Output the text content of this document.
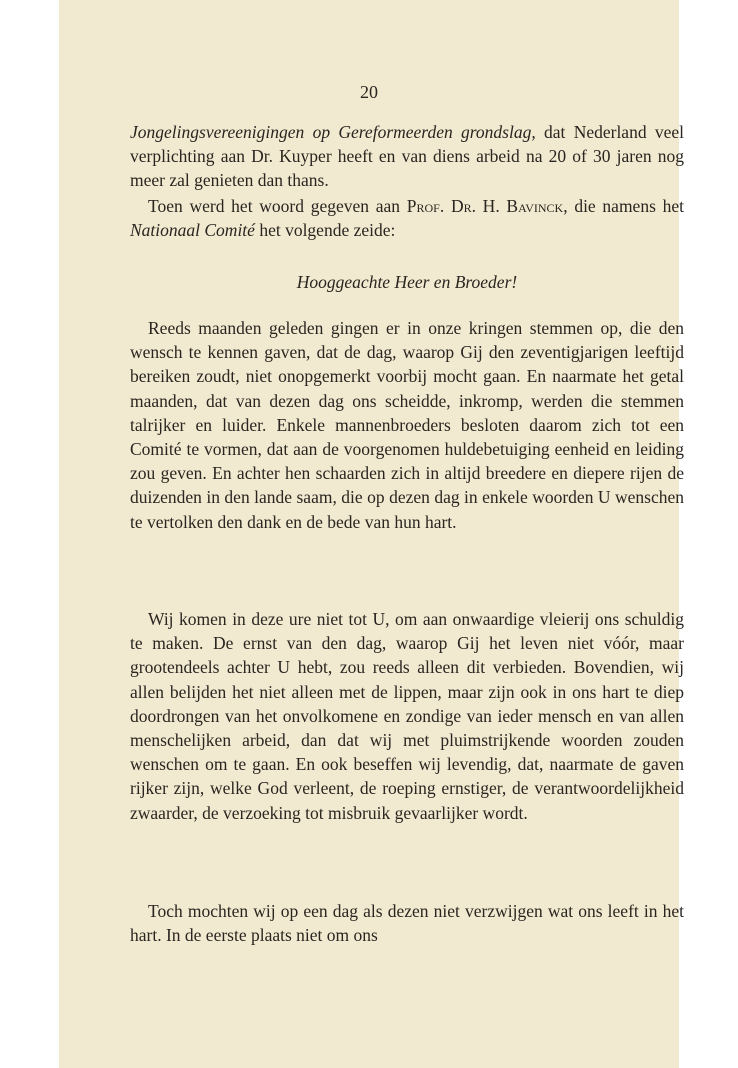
20

Jongelingsvereenigingen op Gereformeerden grondslag, dat Nederland veel verplichting aan Dr. Kuyper heeft en van diens arbeid na 20 of 30 jaren nog meer zal genieten dan thans.

Toen werd het woord gegeven aan Prof. Dr. H. Bavinck, die namens het Nationaal Comité het volgende zeide:

Hooggeachte Heer en Broeder!

Reeds maanden geleden gingen er in onze kringen stemmen op, die den wensch te kennen gaven, dat de dag, waarop Gij den zeventigjarigen leeftijd bereiken zoudt, niet onopgemerkt voorbij mocht gaan. En naarmate het getal maanden, dat van dezen dag ons scheidde, inkromp, werden die stemmen talrijker en luider. Enkele mannenbroeders besloten daarom zich tot een Comité te vormen, dat aan de voorgenomen huldebetuiging eenheid en leiding zou geven. En achter hen schaarden zich in altijd breedere en diepere rijen de duizenden in den lande saam, die op dezen dag in enkele woorden U wenschen te vertolken den dank en de bede van hun hart.

Wij komen in deze ure niet tot U, om aan onwaardige vleierij ons schuldig te maken. De ernst van den dag, waarop Gij het leven niet vóór, maar grootendeels achter U hebt, zou reeds alleen dit verbieden. Bovendien, wij allen belijden het niet alleen met de lippen, maar zijn ook in ons hart te diep doordrongen van het onvolkomene en zondige van ieder mensch en van allen menschelijken arbeid, dan dat wij met pluimstrijkende woorden zouden wenschen om te gaan. En ook beseffen wij levendig, dat, naarmate de gaven rijker zijn, welke God verleent, de roeping ernstiger, de verantwoordelijkheid zwaarder, de verzoeking tot misbruik gevaarlijker wordt.

Toch mochten wij op een dag als dezen niet verzwijgen wat ons leeft in het hart. In de eerste plaats niet om ons
